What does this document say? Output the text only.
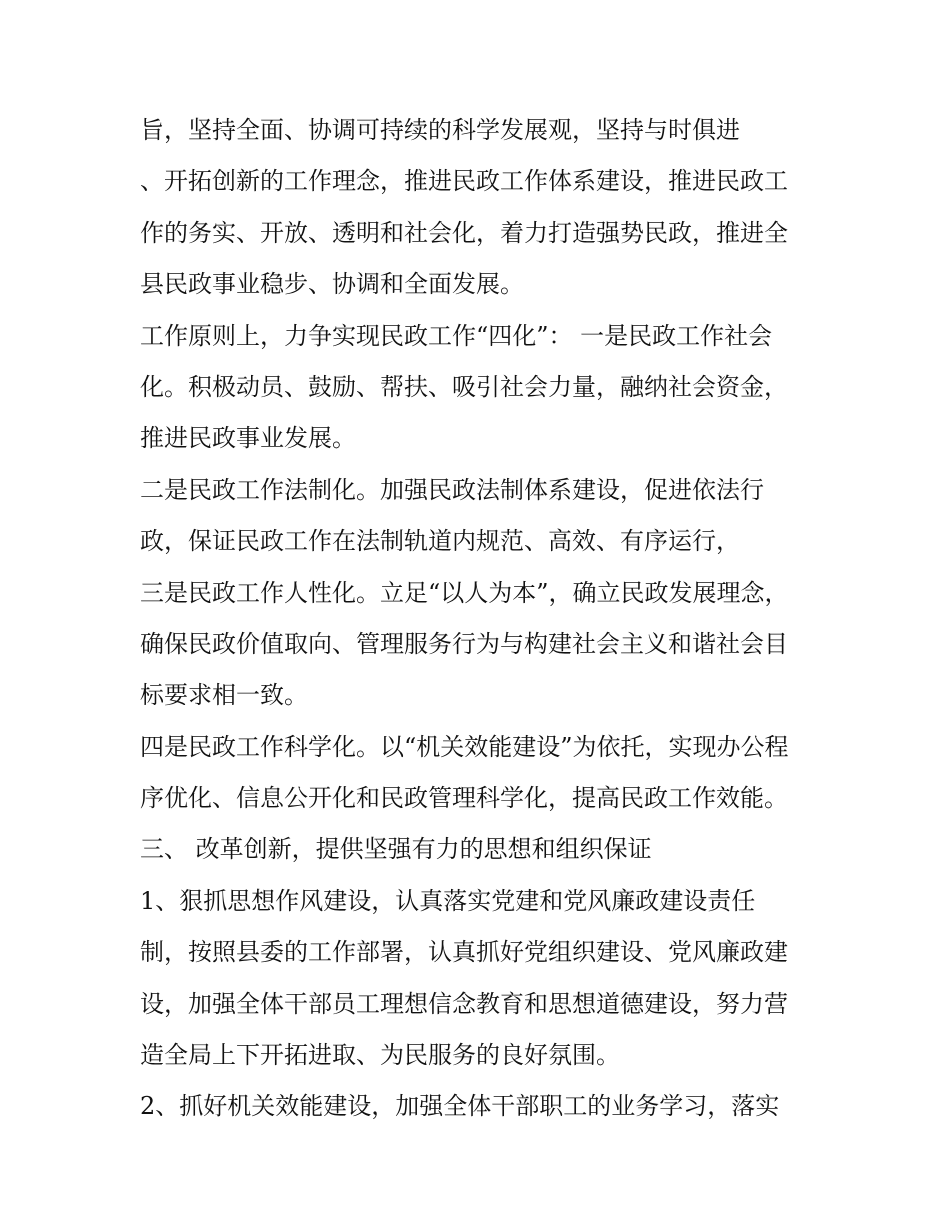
旨，坚持全面、协调可持续的科学发展观，坚持与时俱进

、开拓创新的工作理念，推进民政工作体系建设，推进民政工

作的务实、开放、透明和社会化，着力打造强势民政，推进全

县民政事业稳步、协调和全面发展。

工作原则上，力争实现民政工作“四化”： 一是民政工作社会

化。积极动员、鼓励、帮扶、吸引社会力量，融纳社会资金，

推进民政事业发展。

二是民政工作法制化。加强民政法制体系建设，促进依法行

政，保证民政工作在法制轨道内规范、高效、有序运行，

三是民政工作人性化。立足“以人为本”，确立民政发展理念，

确保民政价值取向、管理服务行为与构建社会主义和谐社会目

标要求相一致。

四是民政工作科学化。以“机关效能建设”为依托，实现办公程

序优化、信息公开化和民政管理科学化，提高民政工作效能。

三、 改革创新，提供坚强有力的思想和组织保证

1、狠抓思想作风建设，认真落实党建和党风廉政建设责任

制，按照县委的工作部署，认真抓好党组织建设、党风廉政建

设，加强全体干部员工理想信念教育和思想道德建设，努力营

造全局上下开拓进取、为民服务的良好氛围。

2、抓好机关效能建设，加强全体干部职工的业务学习，落实
